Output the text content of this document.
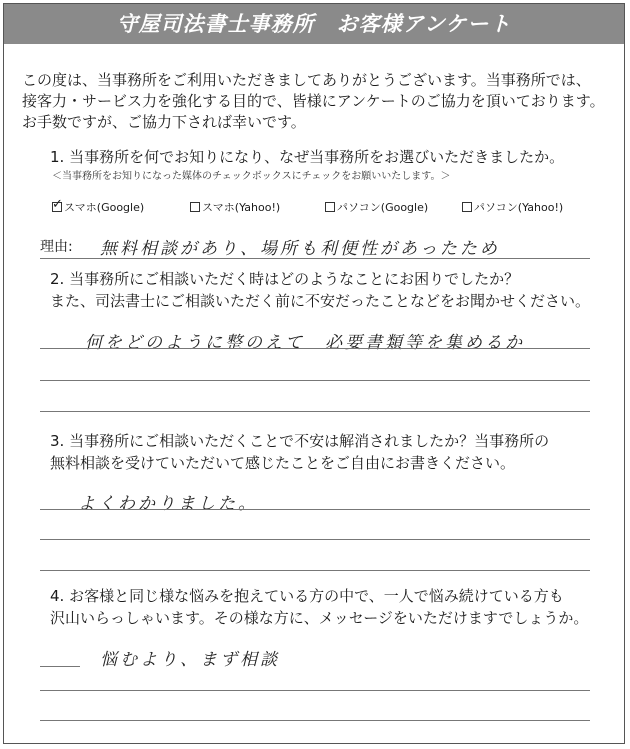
守屋司法書士事務所　お客様アンケート
この度は、当事務所をご利用いただきましてありがとうございます。当事務所では、
接客力・サービス力を強化する目的で、皆様にアンケートのご協力を頂いております。
お手数ですが、ご協力下されば幸いです。
1. 当事務所を何でお知りになり、なぜ当事務所をお選びいただきましたか。
＜当事務所をお知りになった媒体のチェックボックスにチェックをお願いいたします。＞
✓
スマホ(Google)	スマホ(Yahoo!)	パソコン(Google)	パソコン(Yahoo!)
理由: 無料相談があり、場所も利便性があったため
2. 当事務所にご相談いただく時はどのようなことにお困りでしたか？
また、司法書士にご相談いただく前に不安だったことなどをお聞かせください。
何をどのように整のえて　必要書類等を集めるか
3. 当事務所にご相談いただくことで不安は解消されましたか？当事務所の
無料相談を受けていただいて感じたことをご自由にお書きください。
よくわかりました。
4. お客様と同じ様な悩みを抱えている方の中で、一人で悩み続けている方も
沢山いらっしゃいます。その様な方に、メッセージをいただけますでしょうか。
悩むより、まず相談
